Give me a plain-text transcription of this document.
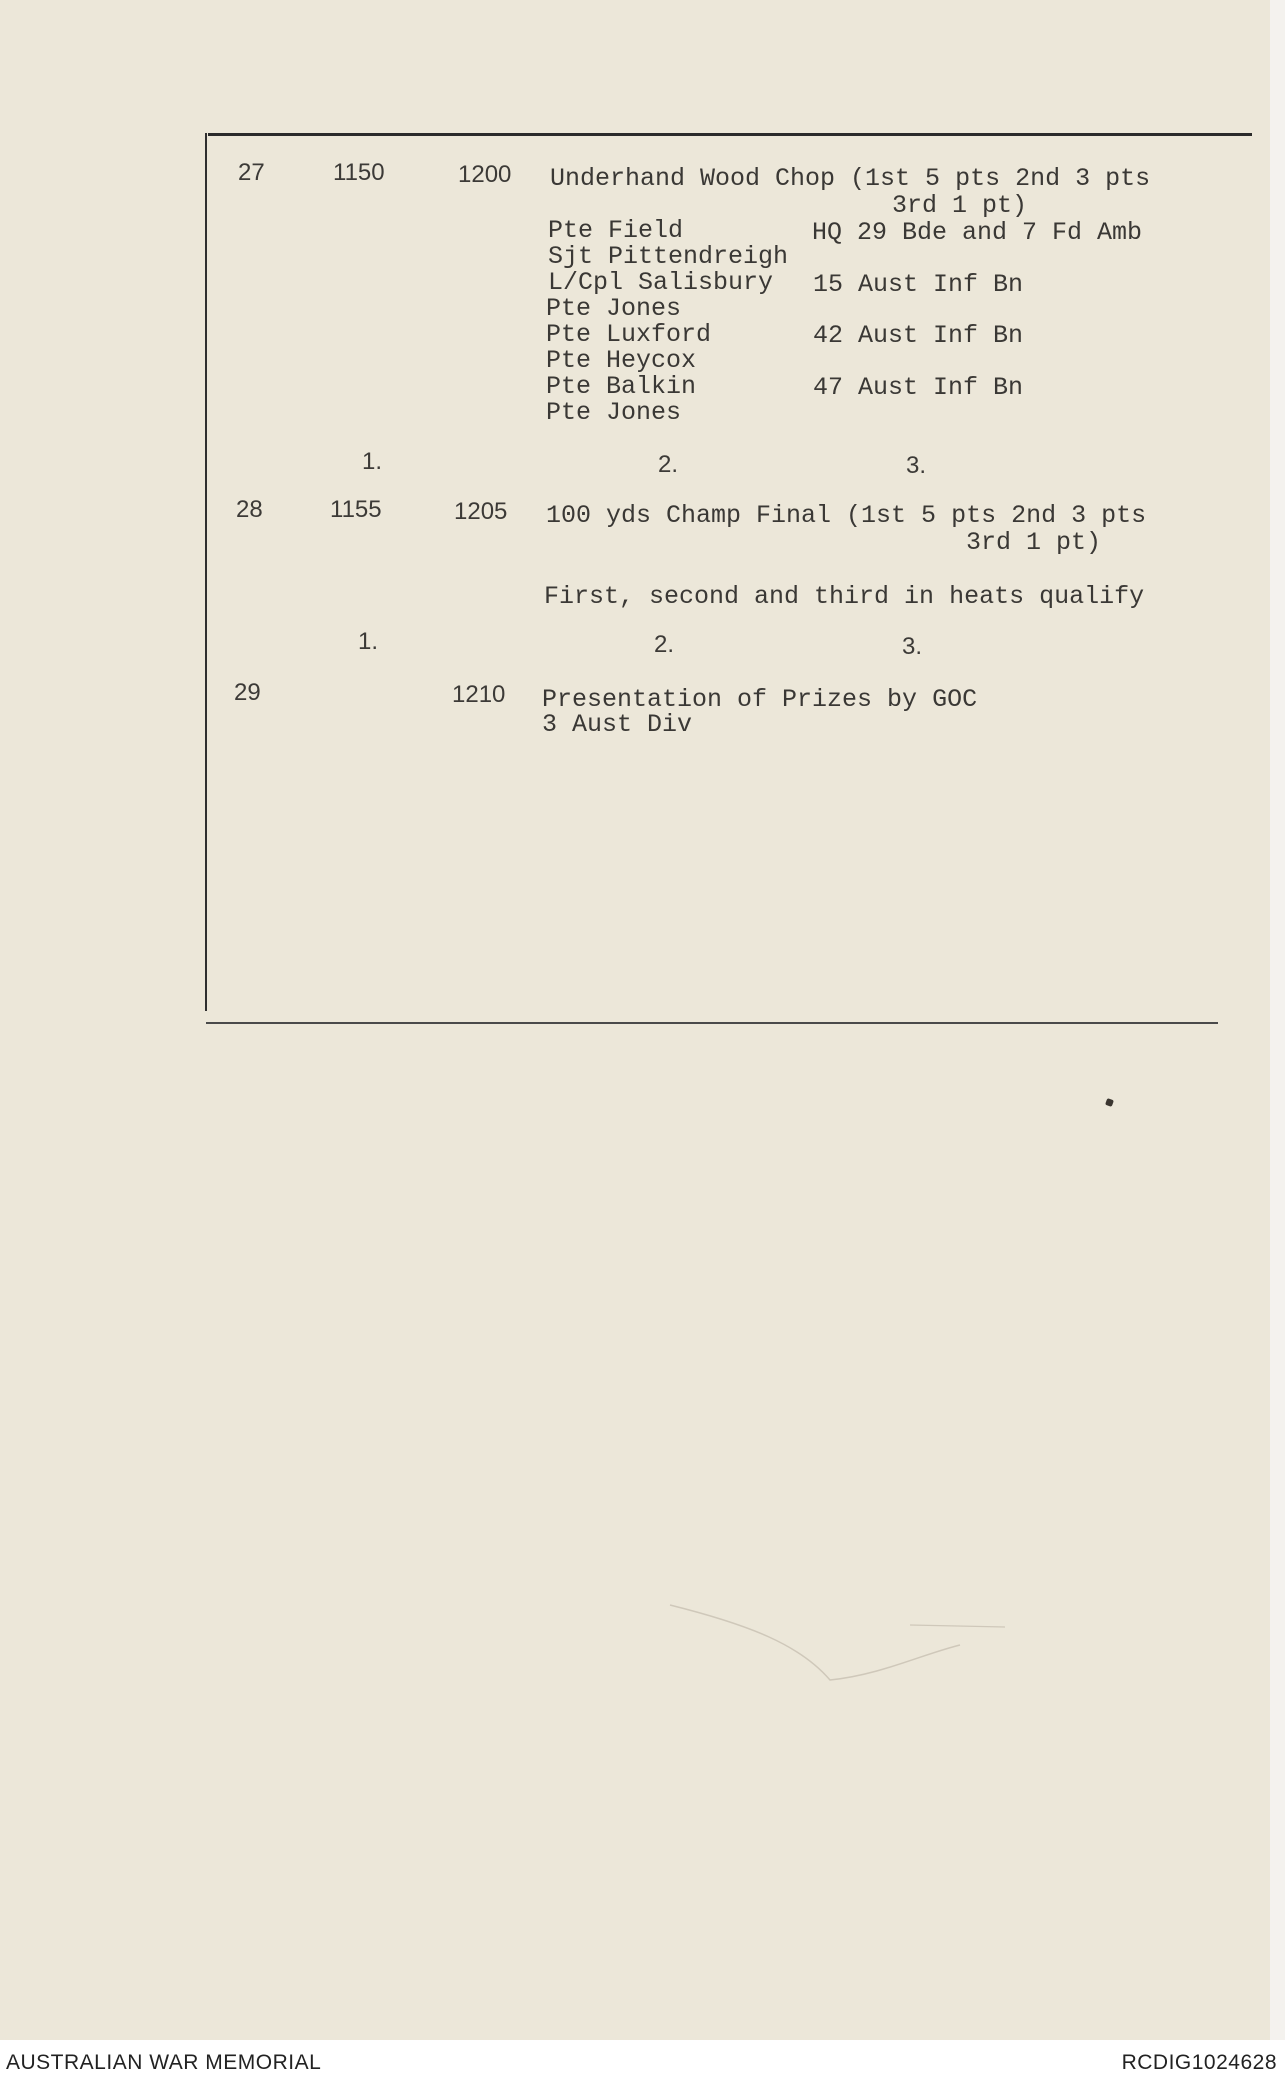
27	1150	1200 Underhand Wood Chop (1st 5 pts 2nd 3 pts
3rd 1 pt)
Pte Field	HQ 29 Bde and 7 Fd Amb
Sjt Pittendreigh
L/Cpl Salisbury 15 Aust Inf Bn
Pte Jones
Pte Luxford	42 Aust Inf Bn
Pte Heycox
Pte Balkin	47 Aust Inf Bn
Pte Jones
1.	2.	3.
28	1155	1205 100 yds Champ Final (1st 5 pts 2nd 3 pts
3rd 1 pt)
First, second and third in heats qualify
1.	2.	3.
29	1210 Presentation of Prizes by GOC
3 Aust Div
AUSTRALIAN WAR MEMORIAL	RCDIG1024628
